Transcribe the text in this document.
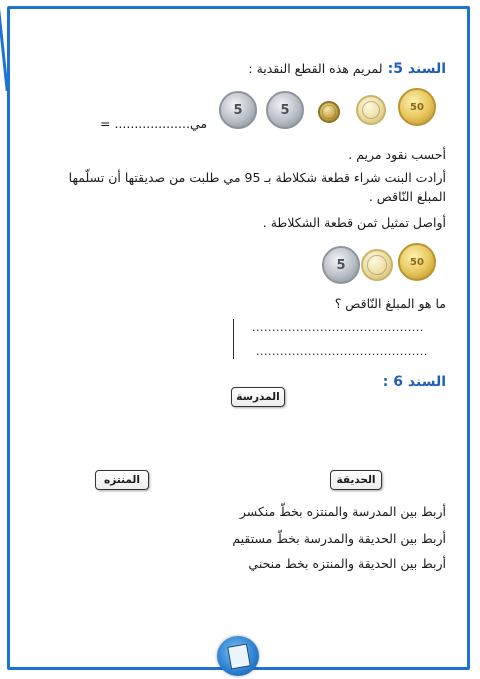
السند 5: لمريم هذه القطع النقدية :
50
5
5
= ...................مي
أحسب نقود مريم .
أرادت البنت شراء قطعة شكلاطة بـ 95 مي طلبت من صديقتها أن تسلّمها
المبلغ النّاقص .
أواصل تمثيل ثمن قطعة الشكلاطة .
50
5
ما هو المبلغ النّاقص ؟
...........................................
...........................................
السند 6 :
المدرسة
المنتزه	الحديقة
أربط بين المدرسة والمنتزه بخطّ منكسر
أربط بين الحديقة والمدرسة بخطّ مستقيم
أربط بين الحديقة والمنتزه بخط منحني
